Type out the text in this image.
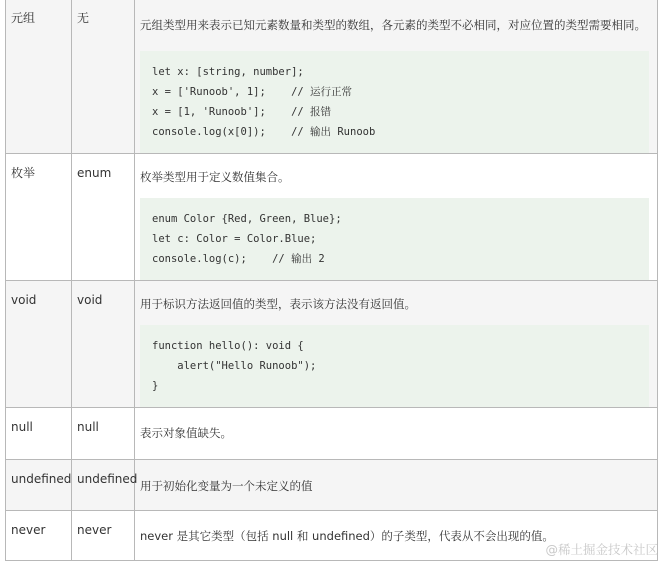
元组	无	元组类型用来表示已知元素数量和类型的数组，各元素的类型不必相同，对应位置的类型需要相同。
let x: [string, number];
x = ['Runoob', 1];    // 运行正常
x = [1, 'Runoob'];    // 报错
console.log(x[0]);    // 输出 Runoob

枚举	enum	枚举类型用于定义数值集合。
enum Color {Red, Green, Blue};
let c: Color = Color.Blue;
console.log(c);    // 输出 2

void	void	用于标识方法返回值的类型，表示该方法没有返回值。
function hello(): void {
alert("Hello Runoob");
}

null	null	表示对象值缺失。

undefined	undefined	用于初始化变量为一个未定义的值

never	never	never 是其它类型（包括 null 和 undefined）的子类型，代表从不会出现的值。
@稀土掘金技术社区
